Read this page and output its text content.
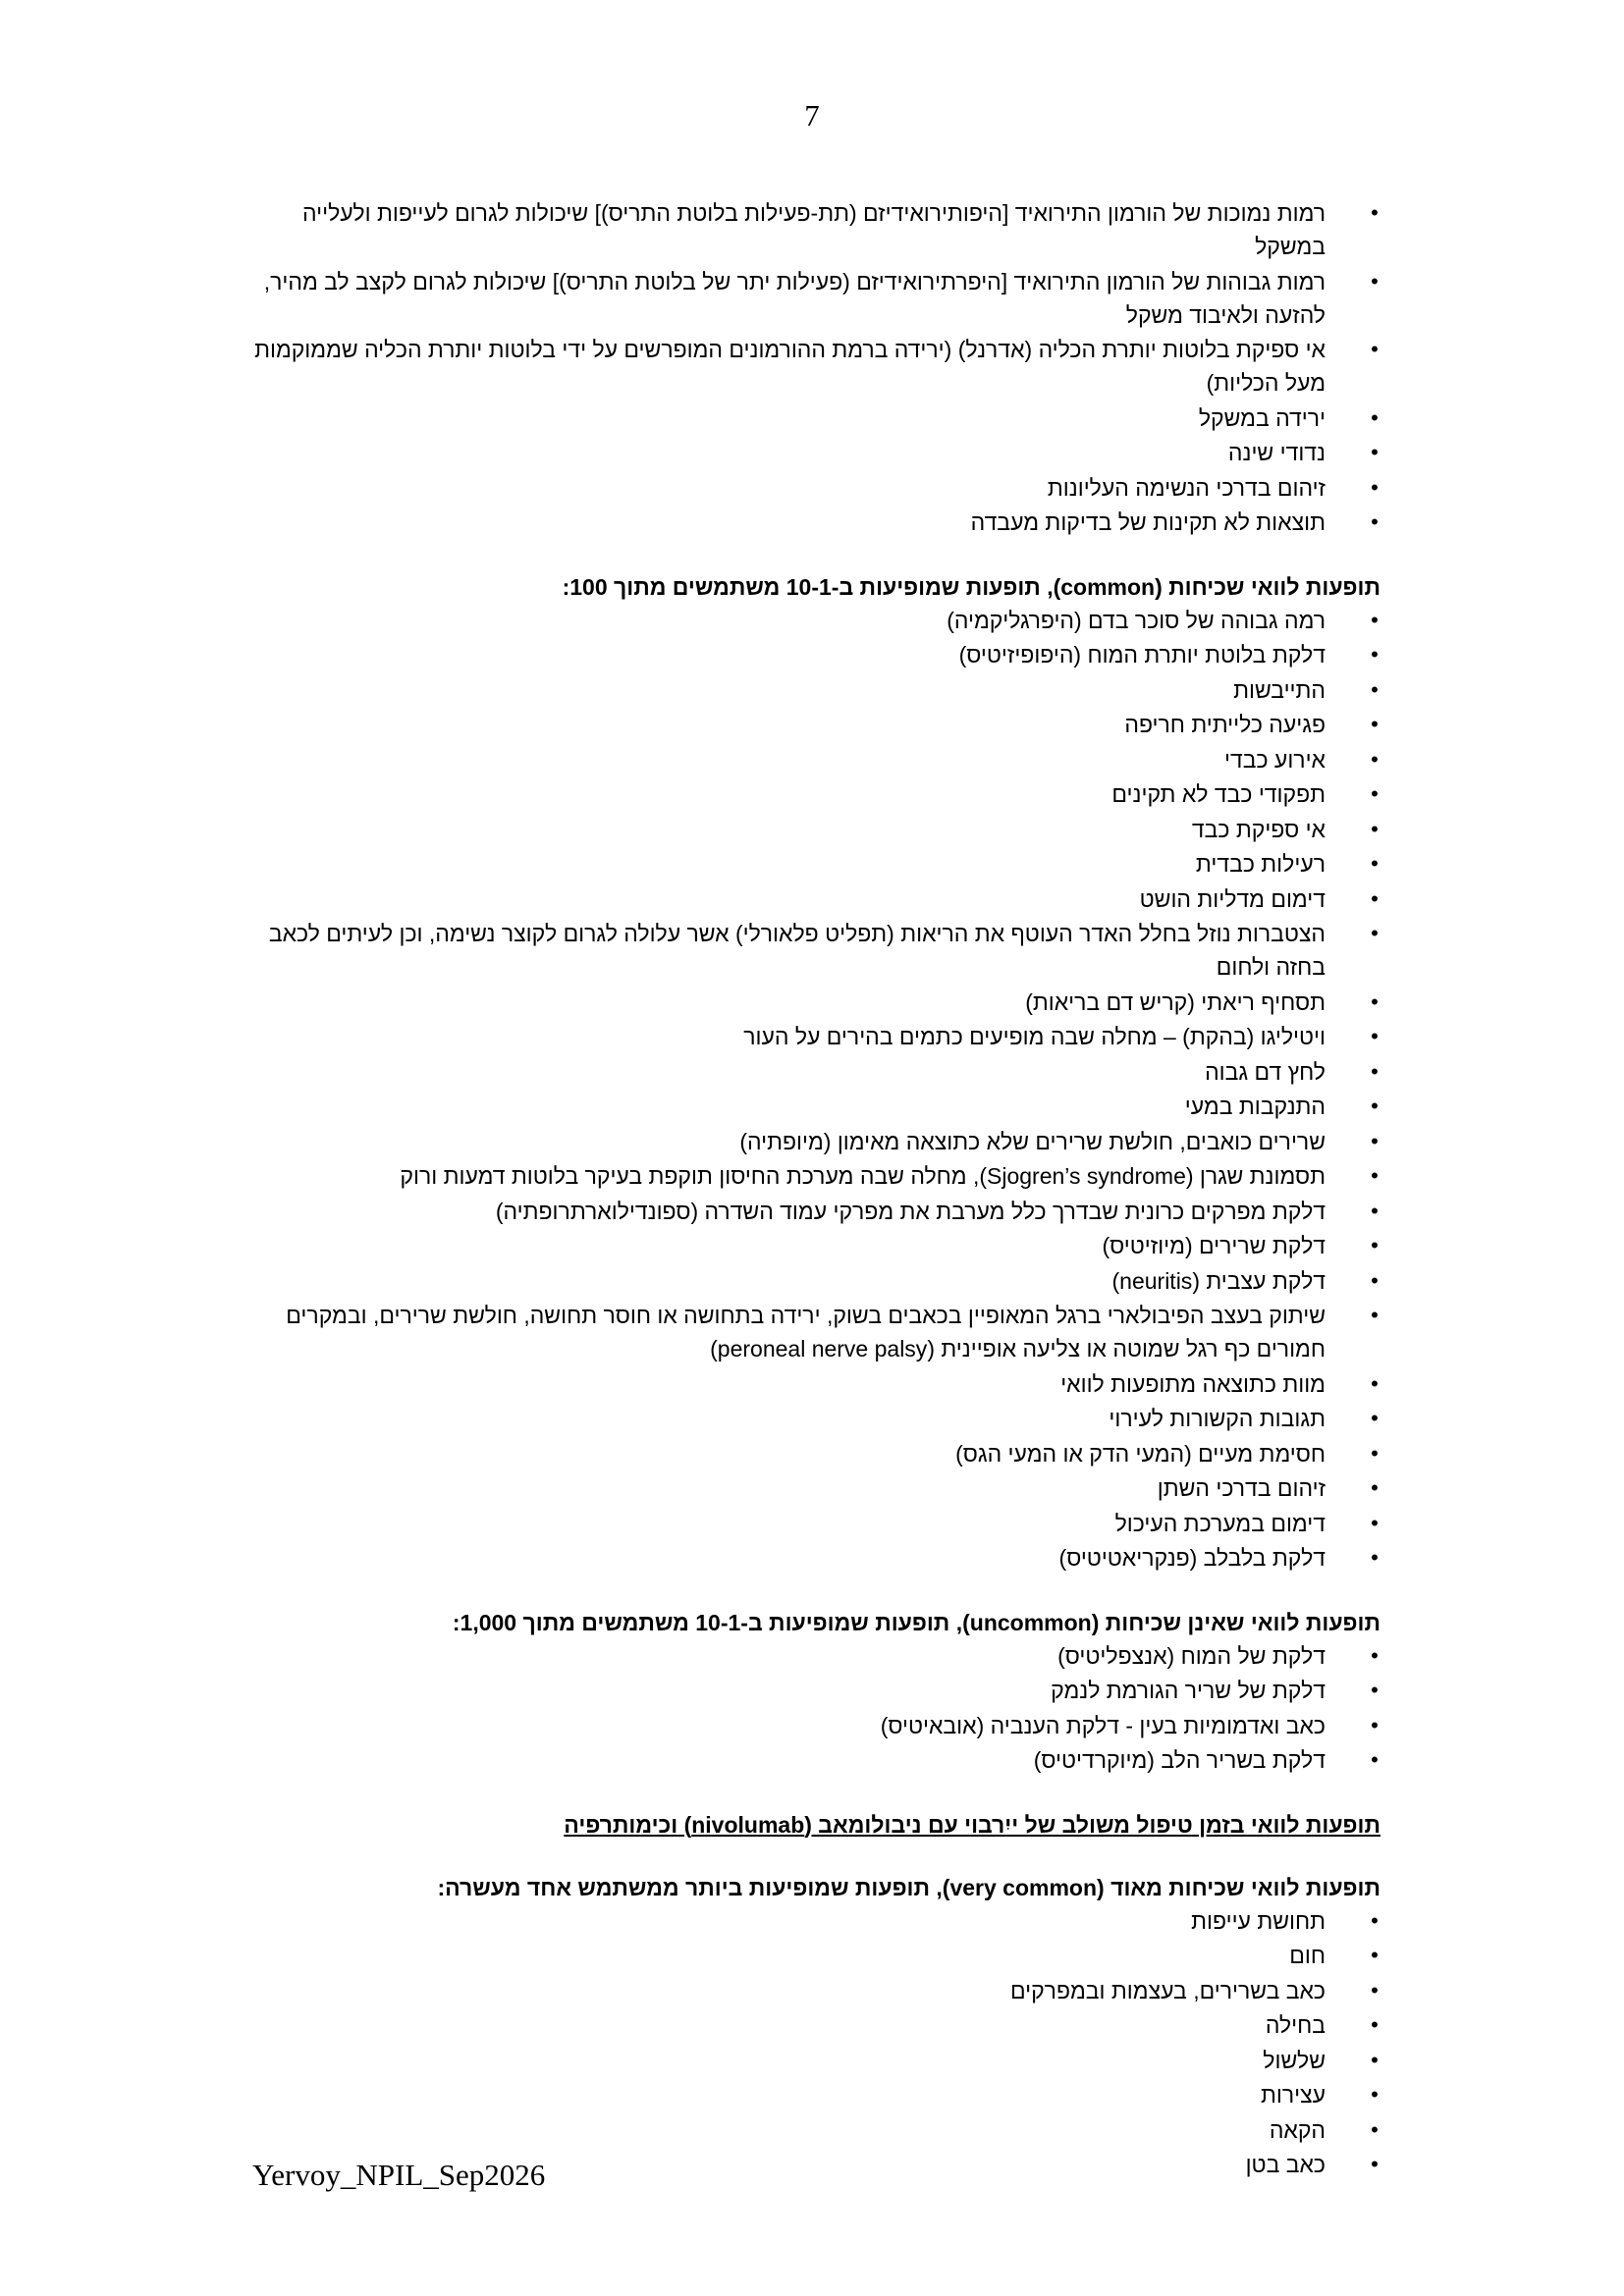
7
• רמות נמוכות של הורמון התירואיד [היפותירואידיזם (תת-פעילות בלוטת התריס)] שיכולות לגרום לעייפות ולעלייה במשקל
• רמות גבוהות של הורמון התירואיד [היפרתירואידיזם (פעילות יתר של בלוטת התריס)] שיכולות לגרום לקצב לב מהיר, להזעה ולאיבוד משקל
• אי ספיקת בלוטות יותרת הכליה (אדרנל) (ירידה ברמת ההורמונים המופרשים על ידי בלוטות יותרת הכליה שממוקמות מעל הכליות)
• ירידה במשקל
• נדודי שינה
• זיהום בדרכי הנשימה העליונות
• תוצאות לא תקינות של בדיקות מעבדה
תופעות לוואי שכיחות (common), תופעות שמופיעות ב-10-1 משתמשים מתוך 100:
• רמה גבוהה של סוכר בדם (היפרגליקמיה)
• דלקת בלוטת יותרת המוח (היפופיזיטיס)
• התייבשות
• פגיעה כלייתית חריפה
• אירוע כבדי
• תפקודי כבד לא תקינים
• אי ספיקת כבד
• רעילות כבדית
• דימום מדליות הושט
• הצטברות נוזל בחלל האדר העוטף את הריאות (תפליט פלאורלי) אשר עלולה לגרום לקוצר נשימה, וכן לעיתים לכאב בחזה ולחום
• תסחיף ריאתי (קריש דם בריאות)
• ויטיליגו (בהקת) – מחלה שבה מופיעים כתמים בהירים על העור
• לחץ דם גבוה
• התנקבות במעי
• שרירים כואבים, חולשת שרירים שלא כתוצאה מאימון (מיופתיה)
• תסמונת שגרן (Sjogren’s syndrome), מחלה שבה מערכת החיסון תוקפת בעיקר בלוטות דמעות ורוק
• דלקת מפרקים כרונית שבדרך כלל מערבת את מפרקי עמוד השדרה (ספונדילוארתרופתיה)
• דלקת שרירים (מיוזיטיס)
• דלקת עצבית (neuritis)
• שיתוק בעצב הפיבולארי ברגל המאופיין בכאבים בשוק, ירידה בתחושה או חוסר תחושה, חולשת שרירים, ובמקרים חמורים כף רגל שמוטה או צליעה אופיינית (peroneal nerve palsy)
• מוות כתוצאה מתופעות לוואי
• תגובות הקשורות לעירוי
• חסימת מעיים (המעי הדק או המעי הגס)
• זיהום בדרכי השתן
• דימום במערכת העיכול
• דלקת בלבלב (פנקריאטיטיס)
תופעות לוואי שאינן שכיחות (uncommon), תופעות שמופיעות ב-10-1 משתמשים מתוך 1,000:
• דלקת של המוח (אנצפליטיס)
• דלקת של שריר הגורמת לנמק
• כאב ואדמומיות בעין - דלקת הענביה (אובאיטיס)
• דלקת בשריר הלב (מיוקרדיטיס)
תופעות לוואי בזמן טיפול משולב של ייִרבוי עם ניבולומאב (nivolumab) וכימותרפיה
תופעות לוואי שכיחות מאוד (very common), תופעות שמופיעות ביותר ממשתמש אחד מעשרה:
• תחושת עייפות
• חום
• כאב בשרירים, בעצמות ובמפרקים
• בחילה
• שלשול
• עצירות
• הקאה
• כאב בטן
Yervoy_NPIL_Sep2026
